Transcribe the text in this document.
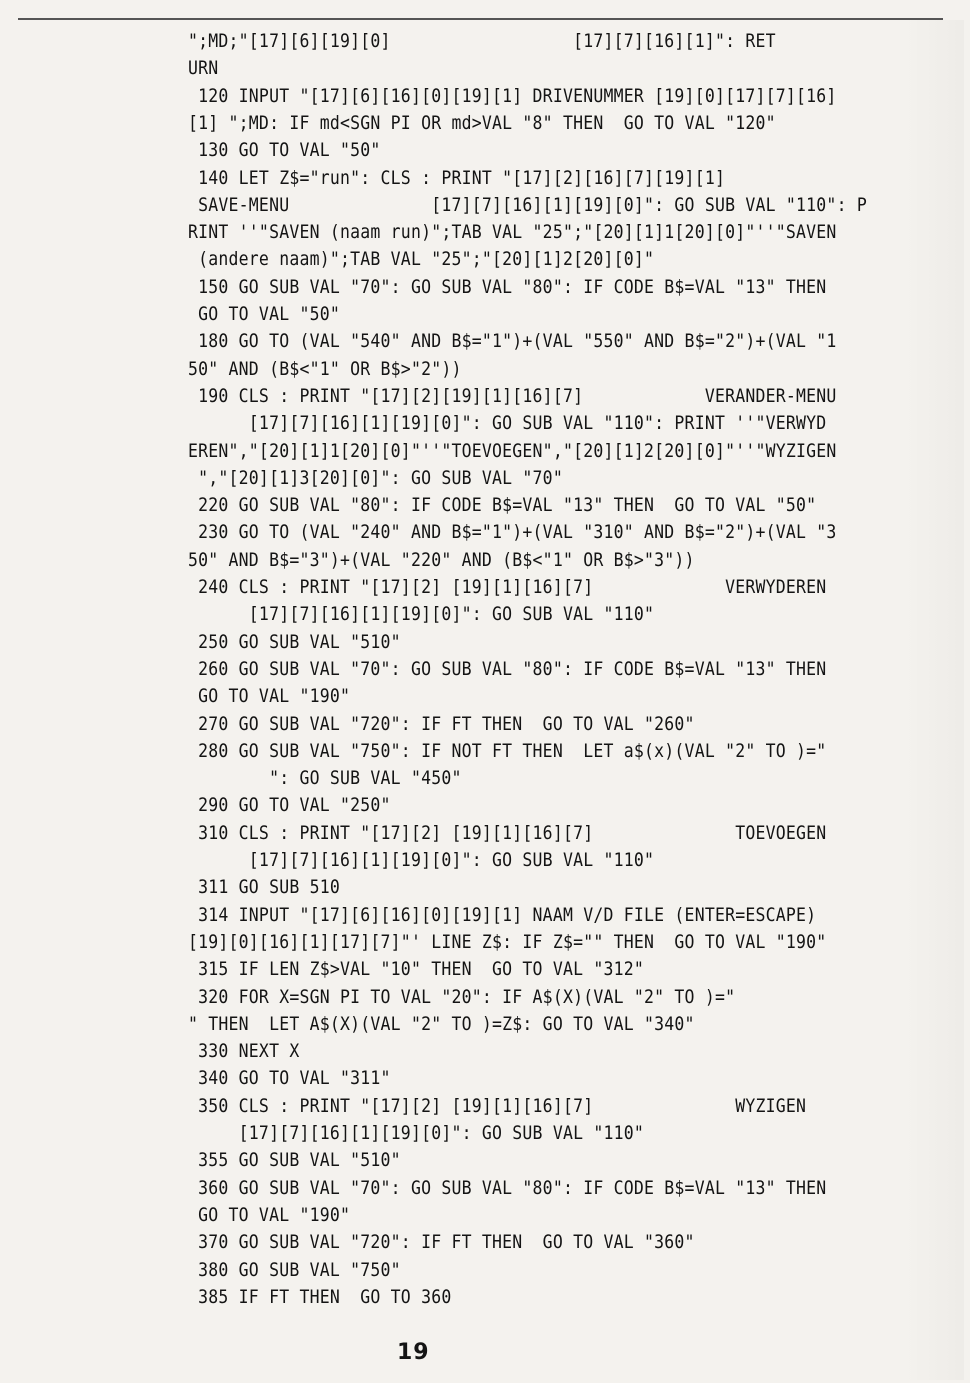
";MD;"[17][6][19][0]                  [17][7][16][1]": RET
URN
120 INPUT "[17][6][16][0][19][1] DRIVENUMMER [19][0][17][7][16]
[1] ";MD: IF md<SGN PI OR md>VAL "8" THEN  GO TO VAL "120"
130 GO TO VAL "50"
140 LET Z$="run": CLS : PRINT "[17][2][16][7][19][1]
SAVE-MENU              [17][7][16][1][19][0]": GO SUB VAL "110": P
RINT ''"SAVEN (naam run)";TAB VAL "25";"[20][1]1[20][0]"''"SAVEN
(andere naam)";TAB VAL "25";"[20][1]2[20][0]"
150 GO SUB VAL "70": GO SUB VAL "80": IF CODE B$=VAL "13" THEN
GO TO VAL "50"
180 GO TO (VAL "540" AND B$="1")+(VAL "550" AND B$="2")+(VAL "1
50" AND (B$<"1" OR B$>"2"))
190 CLS : PRINT "[17][2][19][1][16][7]            VERANDER-MENU
[17][7][16][1][19][0]": GO SUB VAL "110": PRINT ''"VERWYD
EREN","[20][1]1[20][0]"''"TOEVOEGEN","[20][1]2[20][0]"''"WYZIGEN
","[20][1]3[20][0]": GO SUB VAL "70"
220 GO SUB VAL "80": IF CODE B$=VAL "13" THEN  GO TO VAL "50"
230 GO TO (VAL "240" AND B$="1")+(VAL "310" AND B$="2")+(VAL "3
50" AND B$="3")+(VAL "220" AND (B$<"1" OR B$>"3"))
240 CLS : PRINT "[17][2] [19][1][16][7]             VERWYDEREN
[17][7][16][1][19][0]": GO SUB VAL "110"
250 GO SUB VAL "510"
260 GO SUB VAL "70": GO SUB VAL "80": IF CODE B$=VAL "13" THEN
GO TO VAL "190"
270 GO SUB VAL "720": IF FT THEN  GO TO VAL "260"
280 GO SUB VAL "750": IF NOT FT THEN  LET a$(x)(VAL "2" TO )="
": GO SUB VAL "450"
290 GO TO VAL "250"
310 CLS : PRINT "[17][2] [19][1][16][7]              TOEVOEGEN
[17][7][16][1][19][0]": GO SUB VAL "110"
311 GO SUB 510
314 INPUT "[17][6][16][0][19][1] NAAM V/D FILE (ENTER=ESCAPE)
[19][0][16][1][17][7]"' LINE Z$: IF Z$="" THEN  GO TO VAL "190"
315 IF LEN Z$>VAL "10" THEN  GO TO VAL "312"
320 FOR X=SGN PI TO VAL "20": IF A$(X)(VAL "2" TO )="
" THEN  LET A$(X)(VAL "2" TO )=Z$: GO TO VAL "340"
330 NEXT X
340 GO TO VAL "311"
350 CLS : PRINT "[17][2] [19][1][16][7]              WYZIGEN
[17][7][16][1][19][0]": GO SUB VAL "110"
355 GO SUB VAL "510"
360 GO SUB VAL "70": GO SUB VAL "80": IF CODE B$=VAL "13" THEN
GO TO VAL "190"
370 GO SUB VAL "720": IF FT THEN  GO TO VAL "360"
380 GO SUB VAL "750"
385 IF FT THEN  GO TO 360
19
